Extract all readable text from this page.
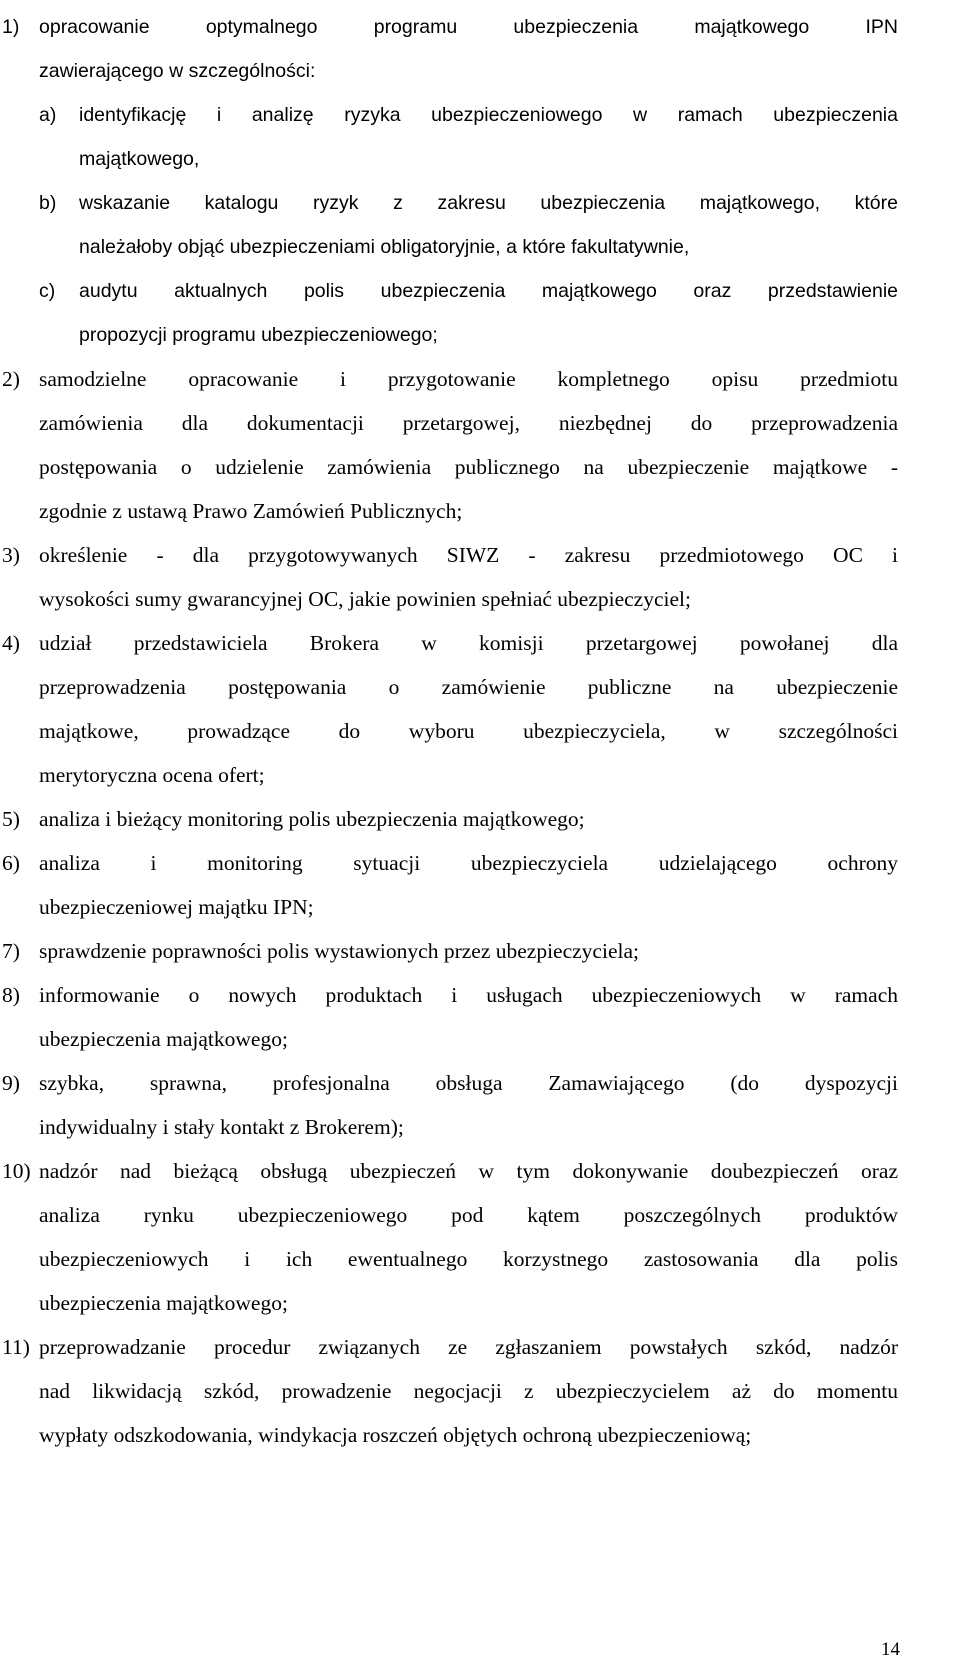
1) opracowanie optymalnego programu ubezpieczenia majątkowego IPN
zawierającego w szczególności:
a) identyfikację i analizę ryzyka ubezpieczeniowego w ramach ubezpieczenia
majątkowego,
b) wskazanie katalogu ryzyk z zakresu ubezpieczenia majątkowego, które
należałoby objąć ubezpieczeniami obligatoryjnie, a które fakultatywnie,
c) audytu aktualnych polis ubezpieczenia majątkowego oraz przedstawienie
propozycji programu ubezpieczeniowego;
2) samodzielne opracowanie i przygotowanie kompletnego opisu przedmiotu
zamówienia dla dokumentacji przetargowej, niezbędnej do przeprowadzenia
postępowania o udzielenie zamówienia publicznego na ubezpieczenie majątkowe -
zgodnie z ustawą Prawo Zamówień Publicznych;
3) określenie - dla przygotowywanych SIWZ - zakresu przedmiotowego OC i
wysokości sumy gwarancyjnej OC, jakie powinien spełniać ubezpieczyciel;
4) udział przedstawiciela Brokera w komisji przetargowej powołanej dla
przeprowadzenia postępowania o zamówienie publiczne na ubezpieczenie
majątkowe, prowadzące do wyboru ubezpieczyciela, w szczególności
merytoryczna ocena ofert;
5) analiza i bieżący monitoring polis ubezpieczenia majątkowego;
6) analiza i monitoring sytuacji ubezpieczyciela udzielającego ochrony
ubezpieczeniowej majątku IPN;
7) sprawdzenie poprawności polis wystawionych przez ubezpieczyciela;
8) informowanie o nowych produktach i usługach ubezpieczeniowych w ramach
ubezpieczenia majątkowego;
9) szybka, sprawna, profesjonalna obsługa Zamawiającego (do dyspozycji
indywidualny i stały kontakt z Brokerem);
10) nadzór nad bieżącą obsługą ubezpieczeń w tym dokonywanie doubezpieczeń oraz
analiza rynku ubezpieczeniowego pod kątem poszczególnych produktów
ubezpieczeniowych i ich ewentualnego korzystnego zastosowania dla polis
ubezpieczenia majątkowego;
11) przeprowadzanie procedur związanych ze zgłaszaniem powstałych szkód, nadzór
nad likwidacją szkód, prowadzenie negocjacji z ubezpieczycielem aż do momentu
wypłaty odszkodowania, windykacja roszczeń objętych ochroną ubezpieczeniową;
14
